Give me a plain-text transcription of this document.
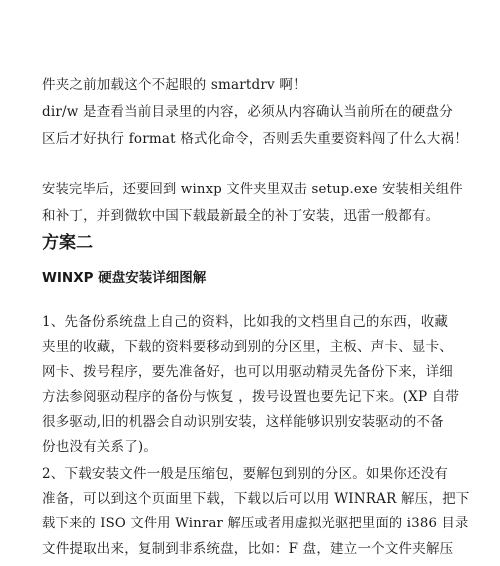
件夹之前加载这个不起眼的 smartdrv 啊！
dir/w 是查看当前目录里的内容，必须从内容确认当前所在的硬盘分
区后才好执行 format 格式化命令，否则丢失重要资料闯了什么大祸！
安装完毕后，还要回到 winxp 文件夹里双击 setup.exe 安装相关组件
和补丁，并到微软中国下载最新最全的补丁安装，迅雷一般都有。
方案二
WINXP 硬盘安装详细图解
1、先备份系统盘上自己的资料，比如我的文档里自己的东西，收藏
夹里的收藏，下载的资料要移动到别的分区里，主板、声卡、显卡、
网卡、拨号程序，要先准备好，也可以用驱动精灵先备份下来，详细
方法参阅驱动程序的备份与恢复 ，拨号设置也要先记下来。(XP 自带
很多驱动,旧的机器会自动识别安装，这样能够识别安装驱动的不备
份也没有关系了)。
2、下载安装文件一般是压缩包，要解包到别的分区。如果你还没有
准备，可以到这个页面里下载，下载以后可以用 WINRAR 解压，把下
载下来的 ISO 文件用 Winrar 解压或者用虚拟光驱把里面的 i386 目录
文件提取出来，复制到非系统盘，比如：F 盘，建立一个文件夹解压
